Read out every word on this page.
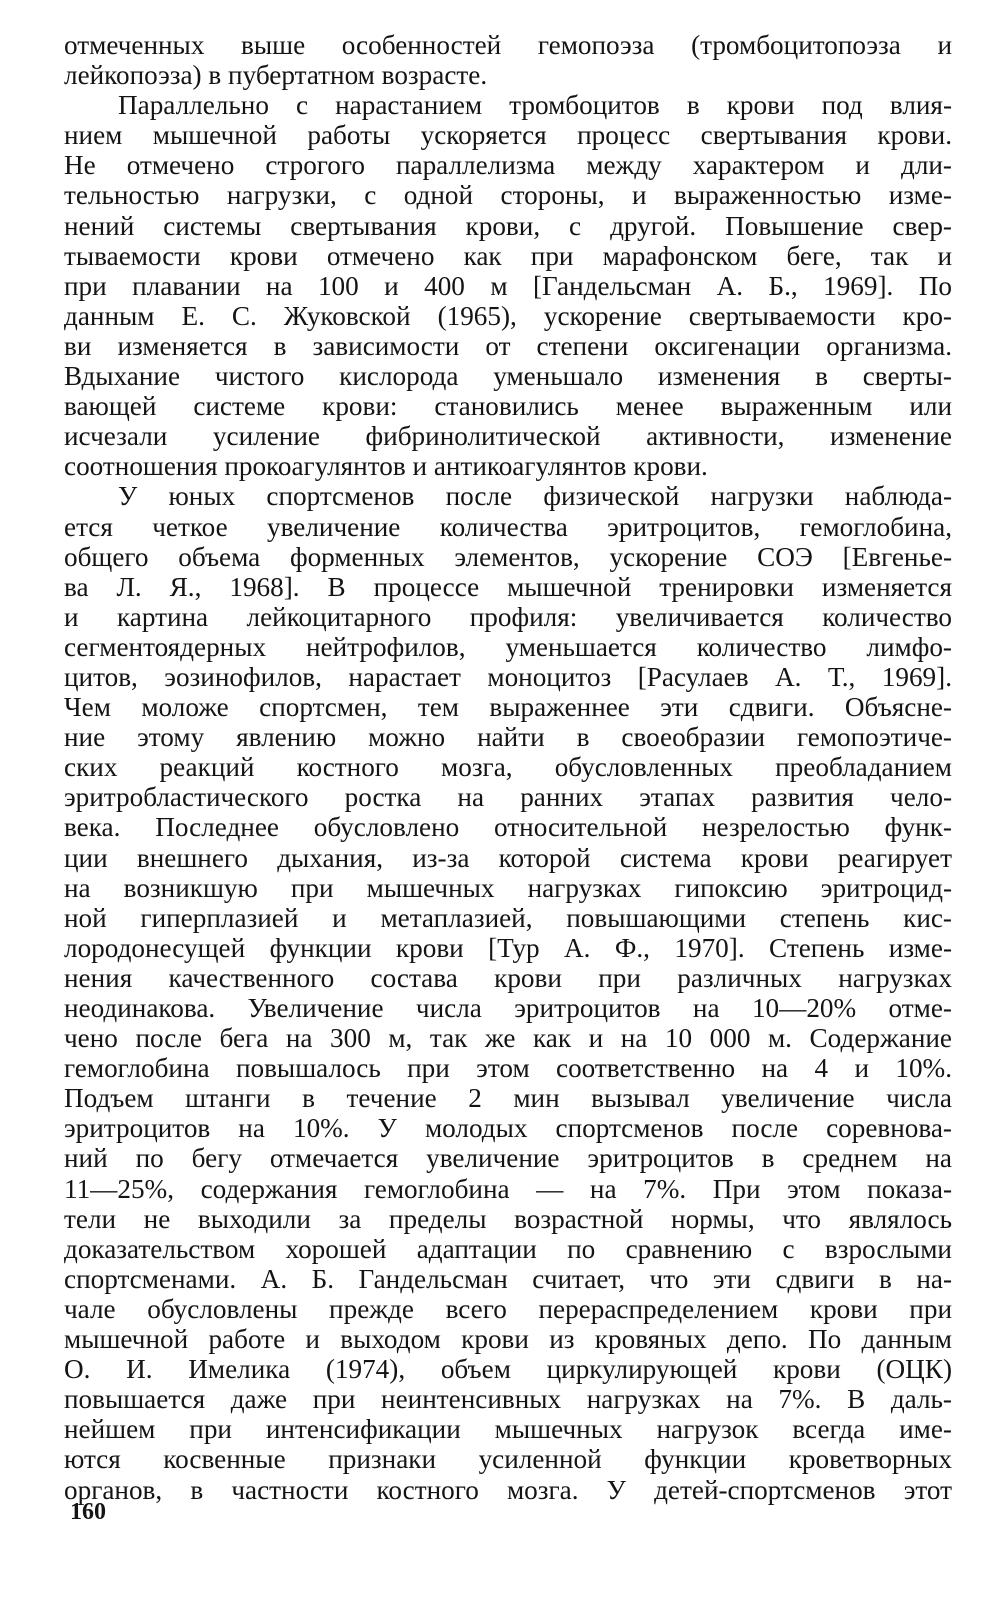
отмеченных выше особенностей гемопоэза (тромбоцитопоэза и
лейкопоэза) в пубертатном возрасте.
Параллельно с нарастанием тромбоцитов в крови под влия-
нием мышечной работы ускоряется процесс свертывания крови.
Не отмечено строгого параллелизма между характером и дли-
тельностью нагрузки, с одной стороны, и выраженностью изме-
нений системы свертывания крови, с другой. Повышение свер-
тываемости крови отмечено как при марафонском беге, так и
при плавании на 100 и 400 м [Гандельсман А. Б., 1969]. По
данным Е. С. Жуковской (1965), ускорение свертываемости кро-
ви изменяется в зависимости от степени оксигенации организма.
Вдыхание чистого кислорода уменьшало изменения в сверты-
вающей системе крови: становились менее выраженным или
исчезали усиление фибринолитической активности, изменение
соотношения прокоагулянтов и антикоагулянтов крови.
У юных спортсменов после физической нагрузки наблюда-
ется четкое увеличение количества эритроцитов, гемоглобина,
общего объема форменных элементов, ускорение СОЭ [Евгенье-
ва Л. Я., 1968]. В процессе мышечной тренировки изменяется
и картина лейкоцитарного профиля: увеличивается количество
сегментоядерных нейтрофилов, уменьшается количество лимфо-
цитов, эозинофилов, нарастает моноцитоз [Расулаев А. Т., 1969].
Чем моложе спортсмен, тем выраженнее эти сдвиги. Объясне-
ние этому явлению можно найти в своеобразии гемопоэтиче-
ских реакций костного мозга, обусловленных преобладанием
эритробластического ростка на ранних этапах развития чело-
века. Последнее обусловлено относительной незрелостью функ-
ции внешнего дыхания, из-за которой система крови реагирует
на возникшую при мышечных нагрузках гипоксию эритроцид-
ной гиперплазией и метаплазией, повышающими степень кис-
лородонесущей функции крови [Тур А. Ф., 1970]. Степень изме-
нения качественного состава крови при различных нагрузках
неодинакова. Увеличение числа эритроцитов на 10—20% отме-
чено после бега на 300 м, так же как и на 10 000 м. Содержание
гемоглобина повышалось при этом соответственно на 4 и 10%.
Подъем штанги в течение 2 мин вызывал увеличение числа
эритроцитов на 10%. У молодых спортсменов после соревнова-
ний по бегу отмечается увеличение эритроцитов в среднем на
11—25%, содержания гемоглобина — на 7%. При этом показа-
тели не выходили за пределы возрастной нормы, что являлось
доказательством хорошей адаптации по сравнению с взрослыми
спортсменами. А. Б. Гандельсман считает, что эти сдвиги в на-
чале обусловлены прежде всего перераспределением крови при
мышечной работе и выходом крови из кровяных депо. По данным
О. И. Имелика (1974), объем циркулирующей крови (ОЦК)
повышается даже при неинтенсивных нагрузках на 7%. В даль-
нейшем при интенсификации мышечных нагрузок всегда име-
ются косвенные признаки усиленной функции кроветворных
органов, в частности костного мозга. У детей-спортсменов этот
160
